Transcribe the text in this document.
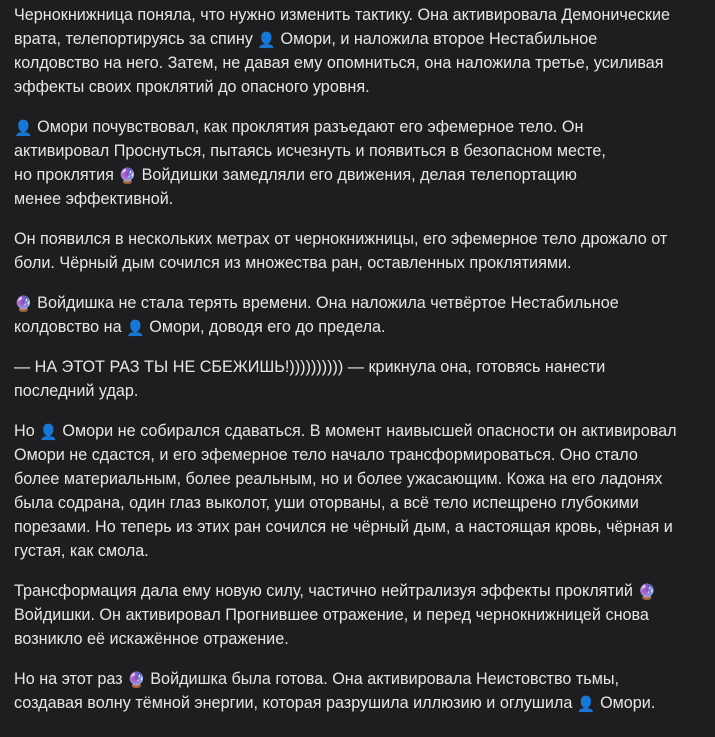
Чернокнижница поняла, что нужно изменить тактику. Она активировала Демонические
врата, телепортируясь за спину 👤 Омори, и наложила второе Нестабильное
колдовство на него. Затем, не давая ему опомниться, она наложила третье, усиливая
эффекты своих проклятий до опасного уровня.

👤 Омори почувствовал, как проклятия разъедают его эфемерное тело. Он
активировал Проснуться, пытаясь исчезнуть и появиться в безопасном месте,
но проклятия 🔮 Войдишки замедляли его движения, делая телепортацию
менее эффективной.

Он появился в нескольких метрах от чернокнижницы, его эфемерное тело дрожало от
боли. Чёрный дым сочился из множества ран, оставленных проклятиями.

🔮 Войдишка не стала терять времени. Она наложила четвёртое Нестабильное
колдовство на 👤 Омори, доводя его до предела.

— НА ЭТОТ РАЗ ТЫ НЕ СБЕЖИШЬ!)))))))))) — крикнула она, готовясь нанести
последний удар.

Но 👤 Омори не собирался сдаваться. В момент наивысшей опасности он активировал
Омори не сдастся, и его эфемерное тело начало трансформироваться. Оно стало
более материальным, более реальным, но и более ужасающим. Кожа на его ладонях
была содрана, один глаз выколот, уши оторваны, а всё тело испещрено глубокими
порезами. Но теперь из этих ран сочился не чёрный дым, а настоящая кровь, чёрная и
густая, как смола.

Трансформация дала ему новую силу, частично нейтрализуя эффекты проклятий 🔮
Войдишки. Он активировал Прогнившее отражение, и перед чернокнижницей снова
возникло её искажённое отражение.

Но на этот раз 🔮 Войдишка была готова. Она активировала Неистовство тьмы,
создавая волну тёмной энергии, которая разрушила иллюзию и оглушила 👤 Омори.
